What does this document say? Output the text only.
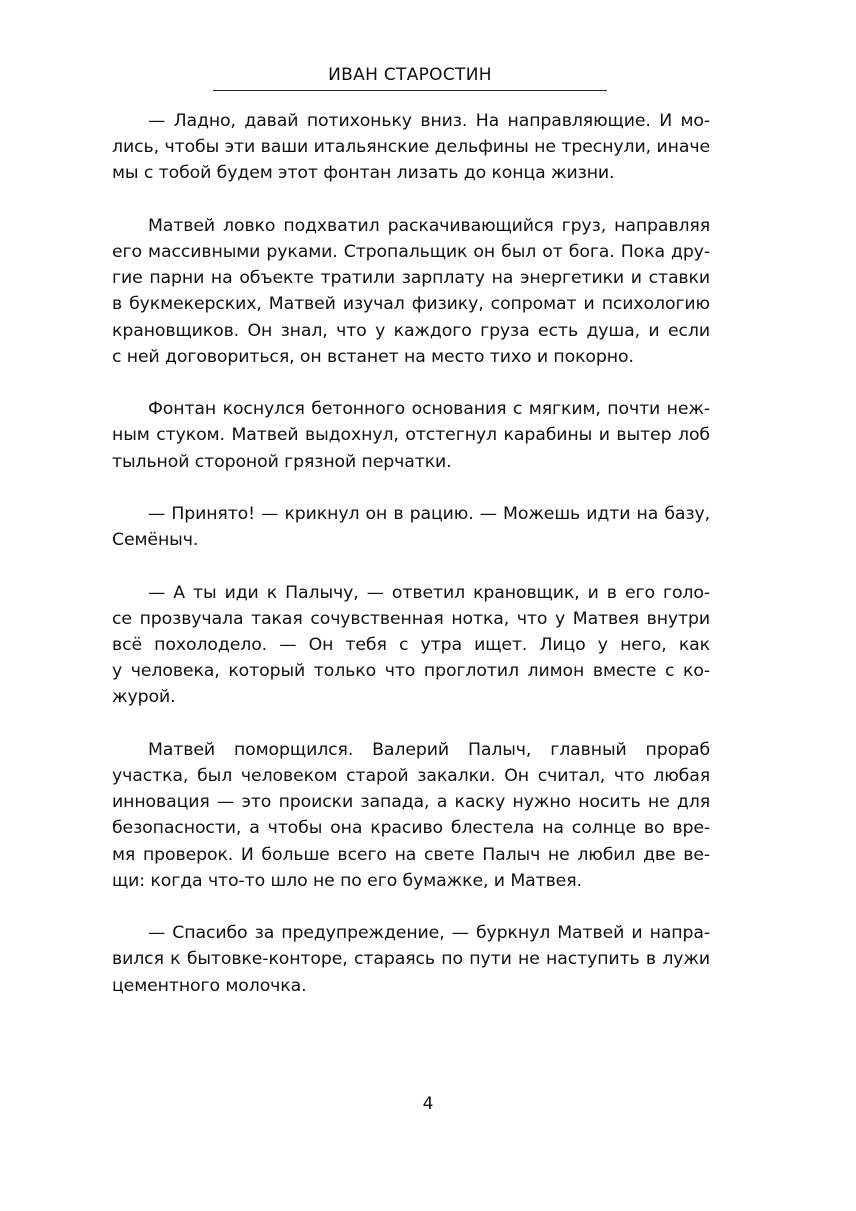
ИВАН СТАРОСТИН
— Ладно, давай потихоньку вниз. На направляющие. И мо-
лись, чтобы эти ваши итальянские дельфины не треснули, иначе
мы с тобой будем этот фонтан лизать до конца жизни.
Матвей ловко подхватил раскачивающийся груз, направляя
его массивными руками. Стропальщик он был от бога. Пока дру-
гие парни на объекте тратили зарплату на энергетики и ставки
в букмекерских, Матвей изучал физику, сопромат и психологию
крановщиков. Он знал, что у каждого груза есть душа, и если
с ней договориться, он встанет на место тихо и покорно.
Фонтан коснулся бетонного основания с мягким, почти неж-
ным стуком. Матвей выдохнул, отстегнул карабины и вытер лоб
тыльной стороной грязной перчатки.
— Принято! — крикнул он в рацию. — Можешь идти на базу,
Семёныч.
— А ты иди к Палычу, — ответил крановщик, и в его голо-
се прозвучала такая сочувственная нотка, что у Матвея внутри
всё похолодело. — Он тебя с утра ищет. Лицо у него, как
у человека, который только что проглотил лимон вместе с ко-
журой.
Матвей поморщился. Валерий Палыч, главный прораб
участка, был человеком старой закалки. Он считал, что любая
инновация — это происки запада, а каску нужно носить не для
безопасности, а чтобы она красиво блестела на солнце во вре-
мя проверок. И больше всего на свете Палыч не любил две ве-
щи: когда что-то шло не по его бумажке, и Матвея.
— Спасибо за предупреждение, — буркнул Матвей и напра-
вился к бытовке-конторе, стараясь по пути не наступить в лужи
цементного молочка.
4
